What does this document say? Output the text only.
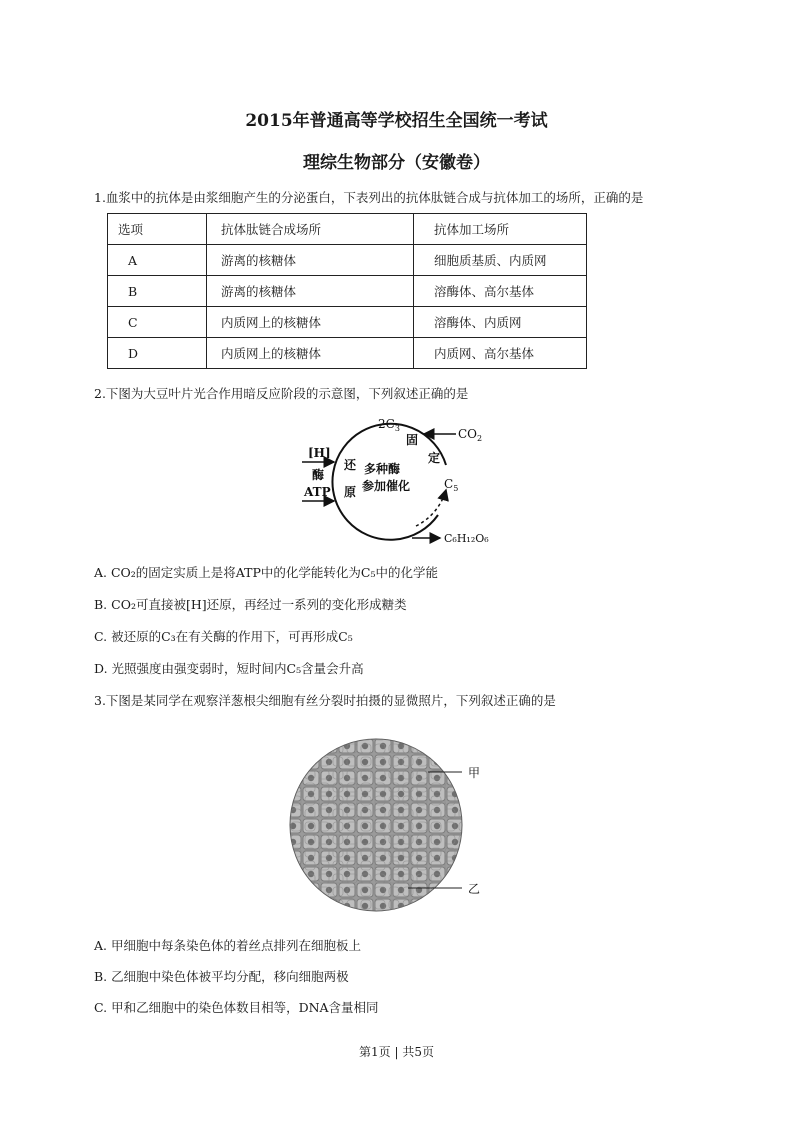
2015年普通高等学校招生全国统一考试
理综生物部分（安徽卷）
1.血浆中的抗体是由浆细胞产生的分泌蛋白，下表列出的抗体肽链合成与抗体加工的场所，正确的是
选项	抗体肽链合成场所	抗体加工场所
A	游离的核糖体	细胞质基质、内质网
B	游离的核糖体	溶酶体、高尔基体
C	内质网上的核糖体	溶酶体、内质网
D	内质网上的核糖体	内质网、高尔基体
2.下图为大豆叶片光合作用暗反应阶段的示意图，下列叙述正确的是
$2C_3$	$CO_2$
固
定
[H]
酶
ATP
还
原
多种酶
参加催化	$C_5$
C₆H₁₂O₆
A. CO₂的固定实质上是将ATP中的化学能转化为C₅中的化学能
B. CO₂可直接被[H]还原，再经过一系列的变化形成糖类
C. 被还原的C₃在有关酶的作用下，可再形成C₅
D. 光照强度由强变弱时，短时间内C₅含量会升高
3.下图是某同学在观察洋葱根尖细胞有丝分裂时拍摄的显微照片，下列叙述正确的是
甲
乙
A. 甲细胞中每条染色体的着丝点排列在细胞板上
B. 乙细胞中染色体被平均分配，移向细胞两极
C. 甲和乙细胞中的染色体数目相等，DNA含量相同
第1页 | 共5页
